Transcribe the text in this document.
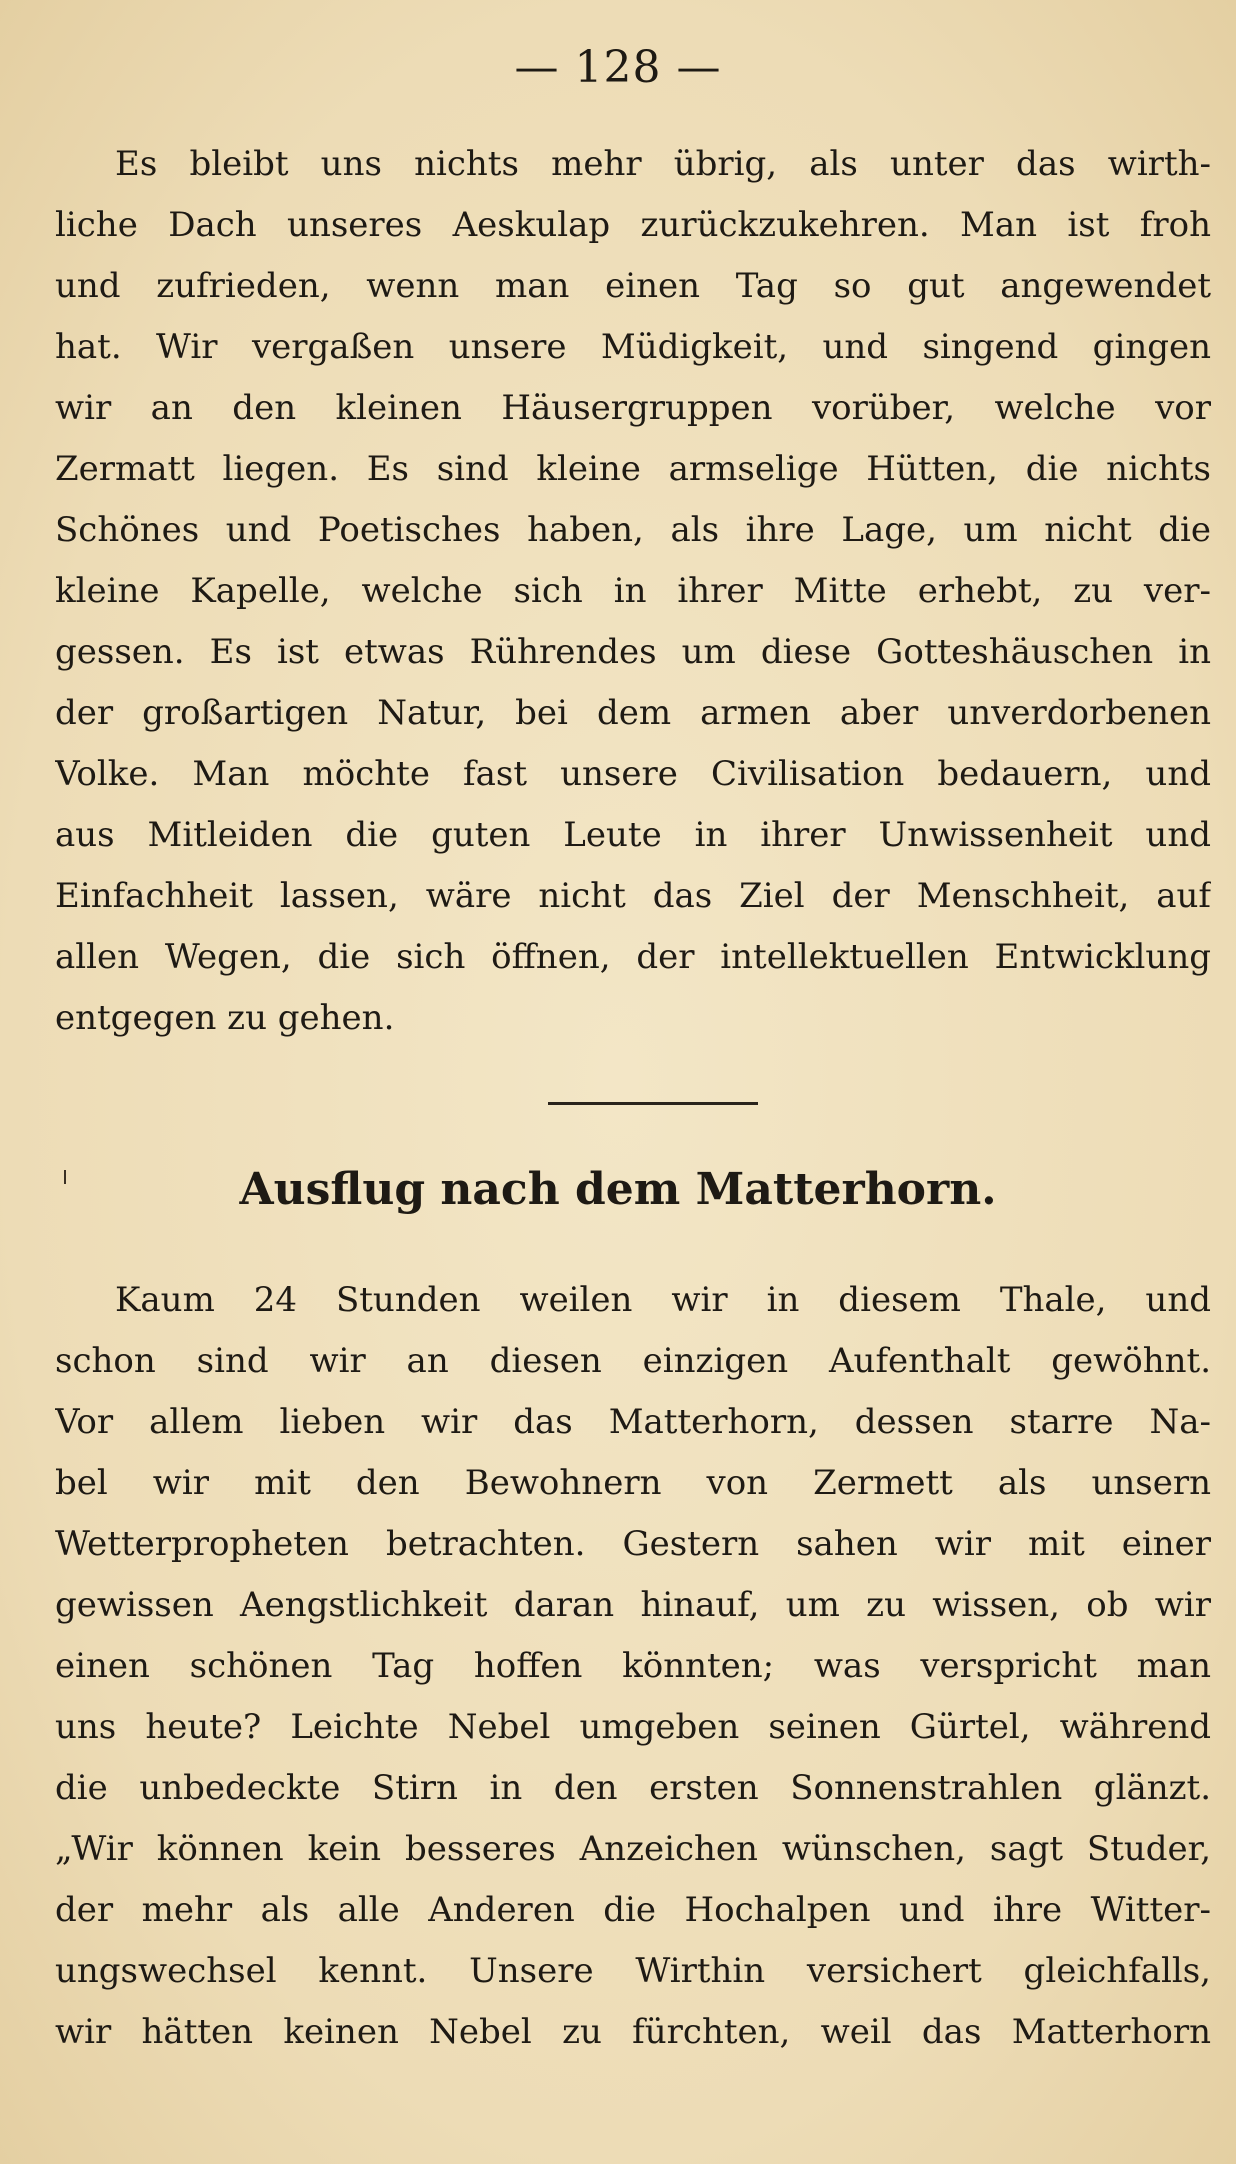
— 128 —
Es bleibt uns nichts mehr übrig, als unter das wirth-
liche Dach unseres Aeskulap zurückzukehren. Man ist froh
und zufrieden, wenn man einen Tag so gut angewendet
hat. Wir vergaßen unsere Müdigkeit, und singend gingen
wir an den kleinen Häusergruppen vorüber, welche vor
Zermatt liegen. Es sind kleine armselige Hütten, die nichts
Schönes und Poetisches haben, als ihre Lage, um nicht die
kleine Kapelle, welche sich in ihrer Mitte erhebt, zu ver-
gessen. Es ist etwas Rührendes um diese Gotteshäuschen in
der großartigen Natur, bei dem armen aber unverdorbenen
Volke. Man möchte fast unsere Civilisation bedauern, und
aus Mitleiden die guten Leute in ihrer Unwissenheit und
Einfachheit lassen, wäre nicht das Ziel der Menschheit, auf
allen Wegen, die sich öffnen, der intellektuellen Entwicklung
entgegen zu gehen.
Ausflug nach dem Matterhorn.
Kaum 24 Stunden weilen wir in diesem Thale, und
schon sind wir an diesen einzigen Aufenthalt gewöhnt.
Vor allem lieben wir das Matterhorn, dessen starre Na-
bel wir mit den Bewohnern von Zermett als unsern
Wetterpropheten betrachten. Gestern sahen wir mit einer
gewissen Aengstlichkeit daran hinauf, um zu wissen, ob wir
einen schönen Tag hoffen könnten; was verspricht man
uns heute? Leichte Nebel umgeben seinen Gürtel, während
die unbedeckte Stirn in den ersten Sonnenstrahlen glänzt.
„Wir können kein besseres Anzeichen wünschen, sagt Studer,
der mehr als alle Anderen die Hochalpen und ihre Witter-
ungswechsel kennt. Unsere Wirthin versichert gleichfalls,
wir hätten keinen Nebel zu fürchten, weil das Matterhorn
